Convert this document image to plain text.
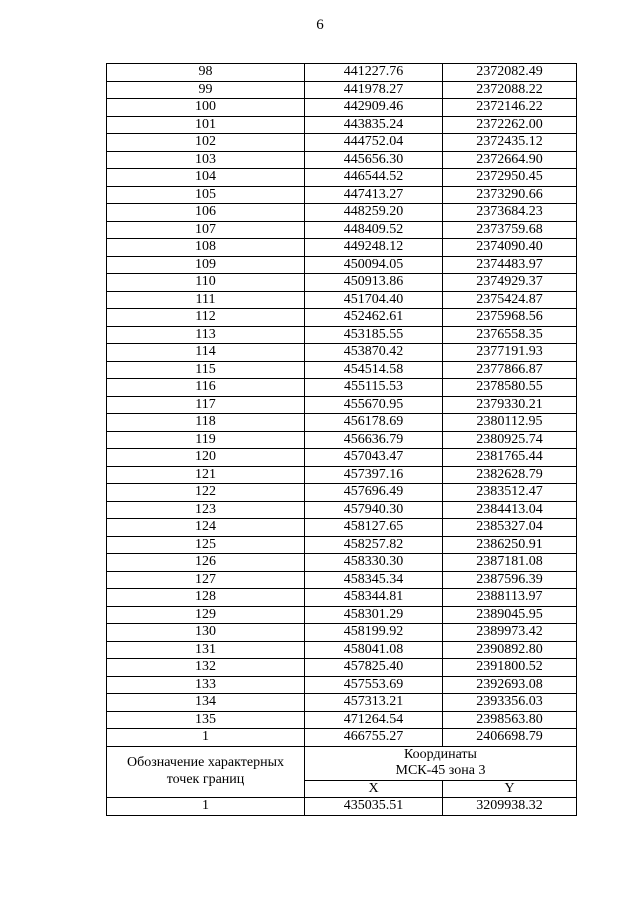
6
98	441227.76	2372082.49
99	441978.27	2372088.22
100	442909.46	2372146.22
101	443835.24	2372262.00
102	444752.04	2372435.12
103	445656.30	2372664.90
104	446544.52	2372950.45
105	447413.27	2373290.66
106	448259.20	2373684.23
107	448409.52	2373759.68
108	449248.12	2374090.40
109	450094.05	2374483.97
110	450913.86	2374929.37
111	451704.40	2375424.87
112	452462.61	2375968.56
113	453185.55	2376558.35
114	453870.42	2377191.93
115	454514.58	2377866.87
116	455115.53	2378580.55
117	455670.95	2379330.21
118	456178.69	2380112.95
119	456636.79	2380925.74
120	457043.47	2381765.44
121	457397.16	2382628.79
122	457696.49	2383512.47
123	457940.30	2384413.04
124	458127.65	2385327.04
125	458257.82	2386250.91
126	458330.30	2387181.08
127	458345.34	2387596.39
128	458344.81	2388113.97
129	458301.29	2389045.95
130	458199.92	2389973.42
131	458041.08	2390892.80
132	457825.40	2391800.52
133	457553.69	2392693.08
134	457313.21	2393356.03
135	471264.54	2398563.80
1	466755.27	2406698.79
Обозначение характерных
точек границ	Координаты
МСК-45 зона 3	
	X	Y
1	435035.51	3209938.32
